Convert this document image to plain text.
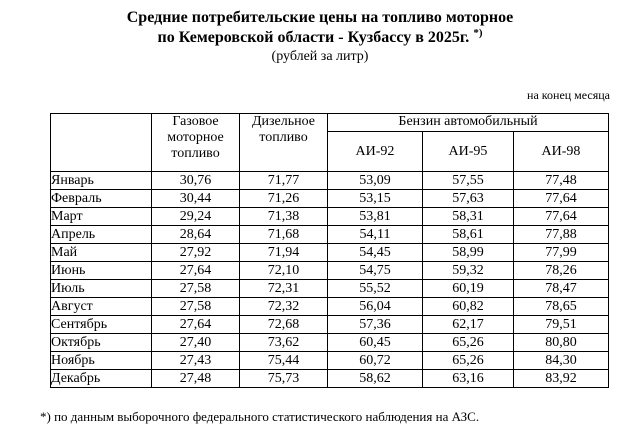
Средние потребительские цены на топливо моторное
по Кемеровской области - Кузбассу в 2025г. *)
(рублей за литр)
на конец месяца
	Газовое моторное топливо	Дизельное топливо	Бензин автомобильный		
			АИ-92	АИ-95	АИ-98
Январь	30,76	71,77	53,09	57,55	77,48
Февраль	30,44	71,26	53,15	57,63	77,64
Март	29,24	71,38	53,81	58,31	77,64
Апрель	28,64	71,68	54,11	58,61	77,88
Май	27,92	71,94	54,45	58,99	77,99
Июнь	27,64	72,10	54,75	59,32	78,26
Июль	27,58	72,31	55,52	60,19	78,47
Август	27,58	72,32	56,04	60,82	78,65
Сентябрь	27,64	72,68	57,36	62,17	79,51
Октябрь	27,40	73,62	60,45	65,26	80,80
Ноябрь	27,43	75,44	60,72	65,26	84,30
Декабрь	27,48	75,73	58,62	63,16	83,92
*) по данным выборочного федерального статистического наблюдения на АЗС.
